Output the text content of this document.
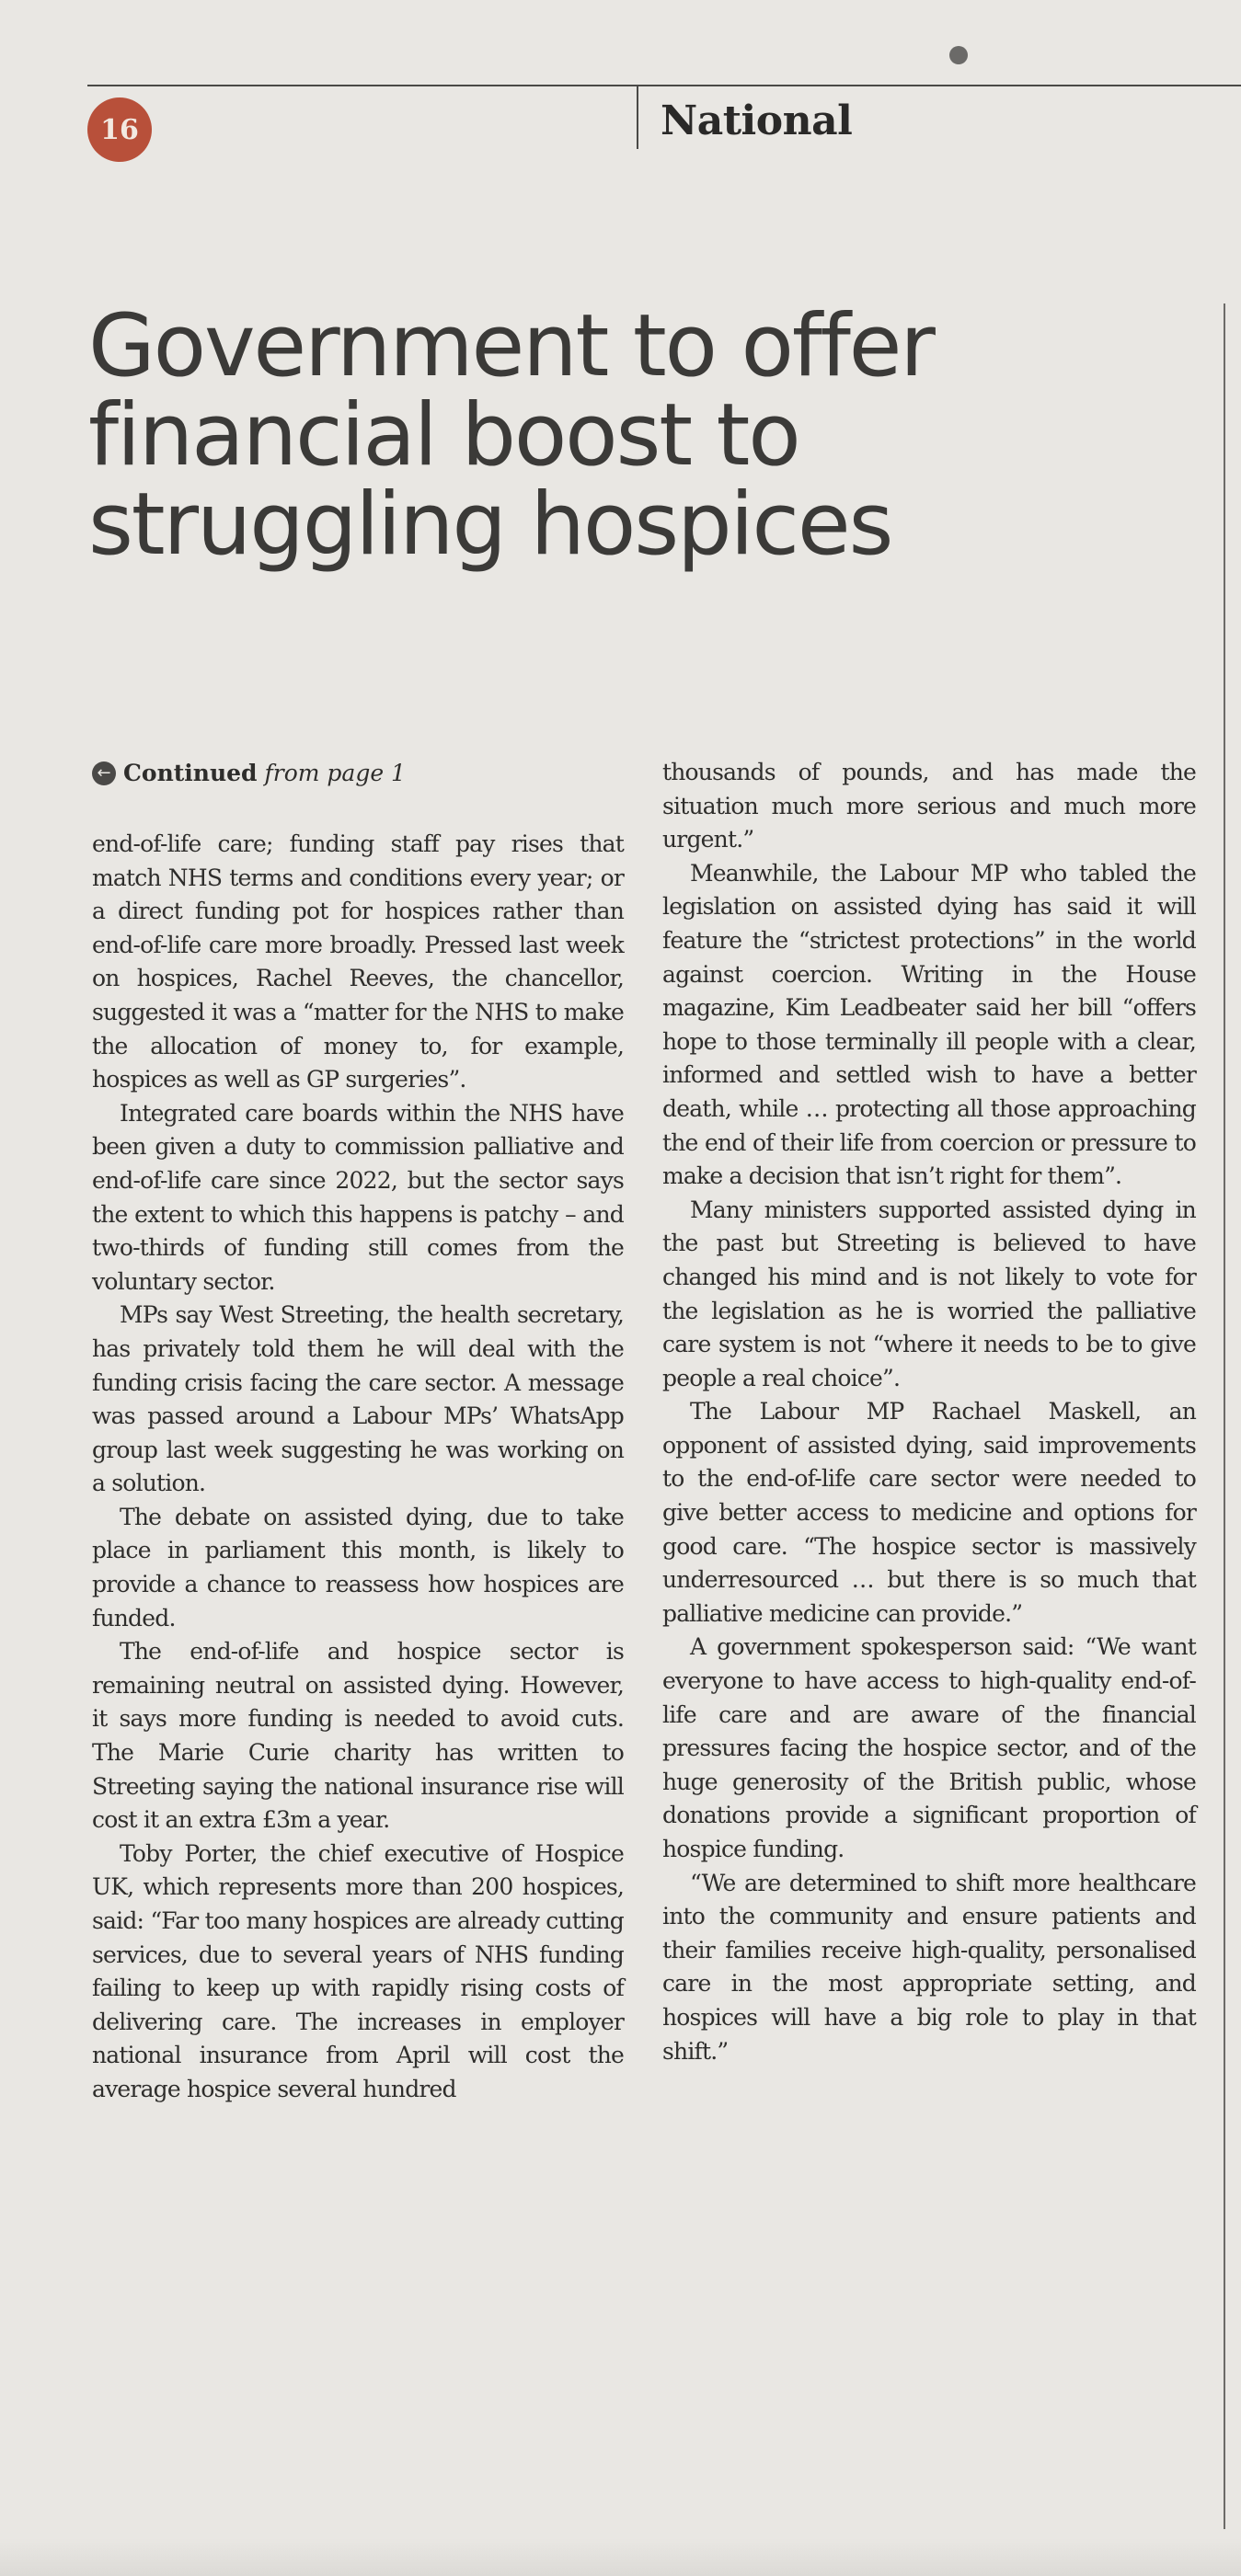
16	National
Government to offer
financial boost to
struggling hospices
← Continued from page 1

end-of-life care; funding staff pay rises that match NHS terms and conditions every year; or a direct funding pot for hospices rather than end-of-life care more broadly. Pressed last week on hospices, Rachel Reeves, the chancellor, suggested it was a “matter for the NHS to make the allocation of money to, for example, hospices as well as GP surgeries”.

Integrated care boards within the NHS have been given a duty to commission palliative and end-of-life care since 2022, but the sector says the extent to which this happens is patchy – and two-thirds of funding still comes from the voluntary sector.

MPs say West Streeting, the health secretary, has privately told them he will deal with the funding crisis facing the care sector. A message was passed around a Labour MPs’ WhatsApp group last week suggesting he was working on a solution.

The debate on assisted dying, due to take place in parliament this month, is likely to provide a chance to reassess how hospices are funded.

The end-of-life and hospice sector is remaining neutral on assisted dying. However, it says more funding is needed to avoid cuts. The Marie Curie charity has written to Streeting saying the national insurance rise will cost it an extra £3m a year.

Toby Porter, the chief executive of Hospice UK, which represents more than 200 hospices, said: “Far too many hospices are already cutting services, due to several years of NHS funding failing to keep up with rapidly rising costs of delivering care. The increases in employer national insurance from April will cost the average hospice several hundred

thousands of pounds, and has made the situation much more serious and much more urgent.”

Meanwhile, the Labour MP who tabled the legislation on assisted dying has said it will feature the “strictest protections” in the world against coercion. Writing in the House magazine, Kim Leadbeater said her bill “offers hope to those terminally ill people with a clear, informed and settled wish to have a better death, while … protecting all those approaching the end of their life from coercion or pressure to make a decision that isn’t right for them”.

Many ministers supported assisted dying in the past but Streeting is believed to have changed his mind and is not likely to vote for the legislation as he is worried the palliative care system is not “where it needs to be to give people a real choice”.

The Labour MP Rachael Maskell, an opponent of assisted dying, said improvements to the end-of-life care sector were needed to give better access to medicine and options for good care. “The hospice sector is massively underresourced … but there is so much that palliative medicine can provide.”

A government spokesperson said: “We want everyone to have access to high-quality end-of-life care and are aware of the financial pressures facing the hospice sector, and of the huge generosity of the British public, whose donations provide a significant proportion of hospice funding.

“We are determined to shift more healthcare into the community and ensure patients and their families receive high-quality, personalised care in the most appropriate setting, and hospices will have a big role to play in that shift.”
